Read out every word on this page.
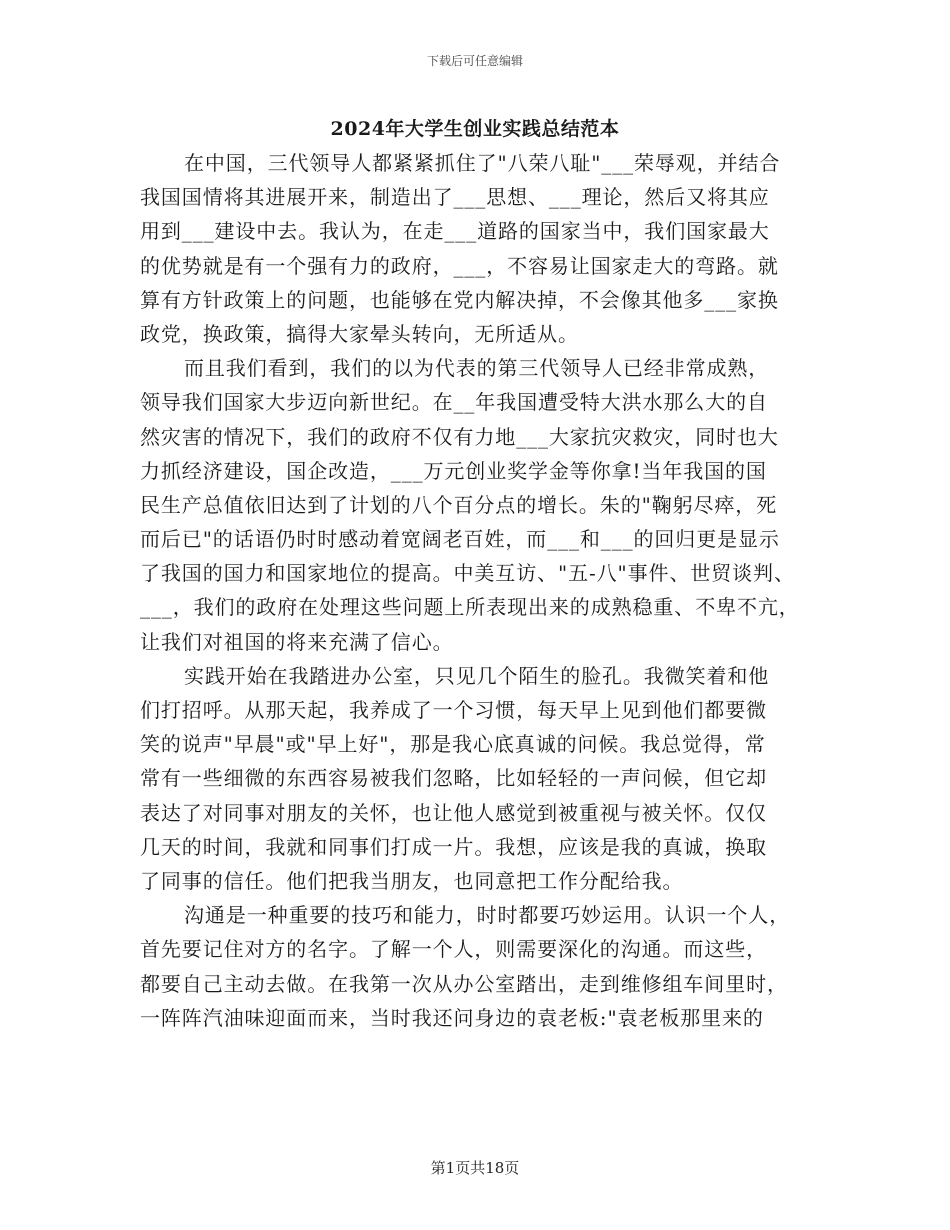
下载后可任意编辑
2024年大学生创业实践总结范本
在中国，三代领导人都紧紧抓住了"八荣八耻"___荣辱观，并结合
我国国情将其进展开来，制造出了___思想、___理论，然后又将其应
用到___建设中去。我认为，在走___道路的国家当中，我们国家最大
的优势就是有一个强有力的政府，___，不容易让国家走大的弯路。就
算有方针政策上的问题，也能够在党内解决掉，不会像其他多___家换
政党，换政策，搞得大家晕头转向，无所适从。
而且我们看到，我们的以为代表的第三代领导人已经非常成熟，
领导我们国家大步迈向新世纪。在__年我国遭受特大洪水那么大的自
然灾害的情况下，我们的政府不仅有力地___大家抗灾救灾，同时也大
力抓经济建设，国企改造，___万元创业奖学金等你拿!当年我国的国
民生产总值依旧达到了计划的八个百分点的增长。朱的"鞠躬尽瘁，死
而后已"的话语仍时时感动着宽阔老百姓，而___和___的回归更是显示
了我国的国力和国家地位的提高。中美互访、"五-八"事件、世贸谈判、
___，我们的政府在处理这些问题上所表现出来的成熟稳重、不卑不亢，
让我们对祖国的将来充满了信心。
实践开始在我踏进办公室，只见几个陌生的脸孔。我微笑着和他
们打招呼。从那天起，我养成了一个习惯，每天早上见到他们都要微
笑的说声"早晨"或"早上好"，那是我心底真诚的问候。我总觉得，常
常有一些细微的东西容易被我们忽略，比如轻轻的一声问候，但它却
表达了对同事对朋友的关怀，也让他人感觉到被重视与被关怀。仅仅
几天的时间，我就和同事们打成一片。我想，应该是我的真诚，换取
了同事的信任。他们把我当朋友，也同意把工作分配给我。
沟通是一种重要的技巧和能力，时时都要巧妙运用。认识一个人，
首先要记住对方的名字。了解一个人，则需要深化的沟通。而这些，
都要自己主动去做。在我第一次从办公室踏出，走到维修组车间里时，
一阵阵汽油味迎面而来，当时我还问身边的袁老板:"袁老板那里来的
第1页共18页
